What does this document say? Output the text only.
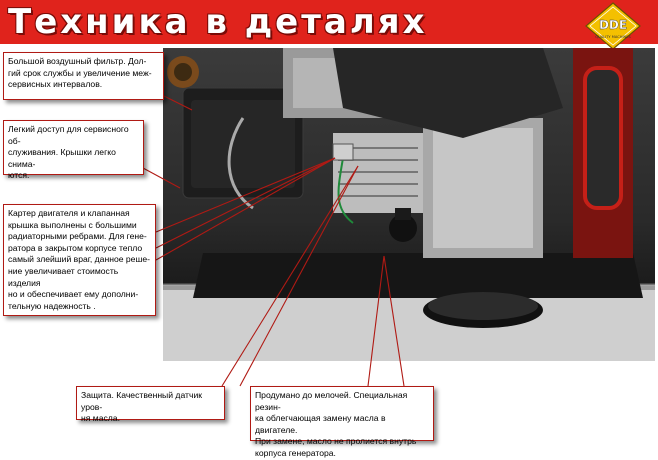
Техника в деталях	DDE
QUALITY MACHINES

Большой воздушный фильтр. Дол-
гий срок службы и увеличение меж-
сервисных интервалов.

Легкий доступ для сервисного об-
служивания. Крышки легко снима-
ются.

Картер двигателя и клапанная
крышка выполнены с большими
радиаторными ребрами. Для гене-
ратора в закрытом корпусе тепло
самый злейший враг, данное реше-
ние увеличивает стоимость изделия
но и обеспечивает ему дополни-
тельную надежность .

Защита. Качественный датчик уров-
ня масла.

Продумано до мелочей. Специальная резин-
ка облегчающая замену масла в двигателе.
При замене, масло не пролиется внутрь
корпуса генератора.
